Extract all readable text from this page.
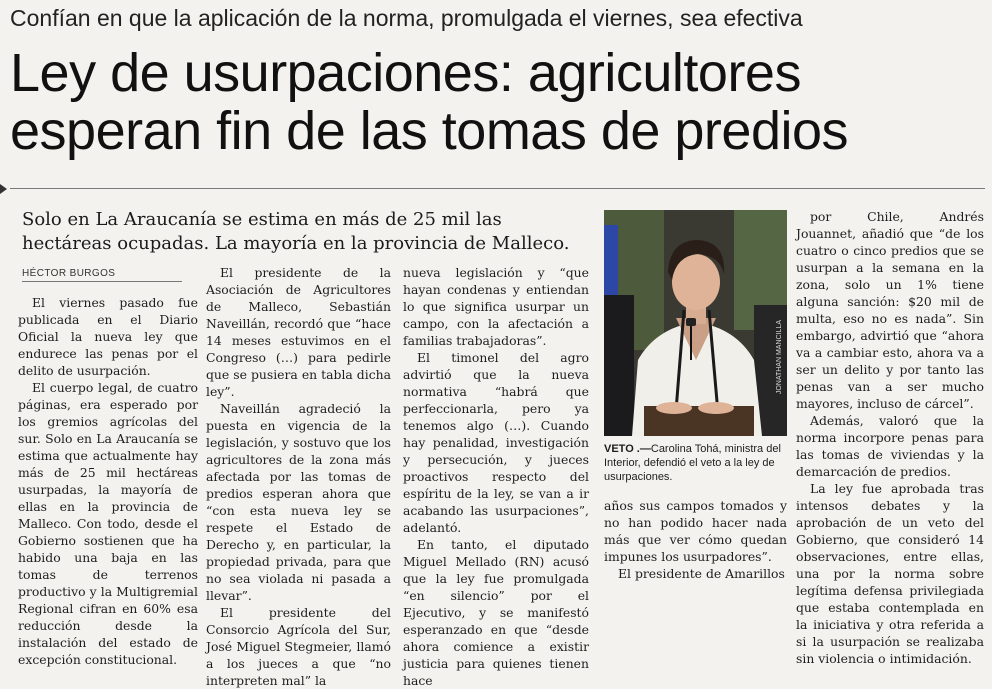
Confían en que la aplicación de la norma, promulgada el viernes, sea efectiva
Ley de usurpaciones: agricultores
esperan fin de las tomas de predios
Solo en La Araucanía se estima en más de 25 mil las hectáreas ocupadas. La mayoría en la provincia de Malleco.
HÉCTOR BURGOS

El viernes pasado fue publicada en el Diario Oficial la nueva ley que endurece las penas por el delito de usurpación.

El cuerpo legal, de cuatro páginas, era esperado por los gremios agrícolas del sur. Solo en La Araucanía se estima que actualmente hay más de 25 mil hectáreas usurpadas, la mayoría de ellas en la provincia de Malleco. Con todo, desde el Gobierno sostienen que ha habido una baja en las tomas de terrenos productivo y la Multigremial Regional cifran en 60% esa reducción desde la instalación del estado de excepción constitucional.

El presidente de la Asociación de Agricultores de Malleco, Sebastián Naveillán, recordó que “hace 14 meses estuvimos en el Congreso (…) para pedirle que se pusiera en tabla dicha ley”.

Naveillán agradeció la puesta en vigencia de la legislación, y sostuvo que los agricultores de la zona más afectada por las tomas de predios esperan ahora que “con esta nueva ley se respete el Estado de Derecho y, en particular, la propiedad privada, para que no sea violada ni pasada a llevar”.

El presidente del Consorcio Agrícola del Sur, José Miguel Stegmeier, llamó a los jueces a que “no interpreten mal” la

nueva legislación y “que hayan condenas y entiendan lo que significa usurpar un campo, con la afectación a familias trabajadoras”.

El timonel del agro advirtió que la nueva normativa “habrá que perfeccionarla, pero ya tenemos algo (…). Cuando hay penalidad, investigación y persecución, y jueces proactivos respecto del espíritu de la ley, se van a ir acabando las usurpaciones”, adelantó.

En tanto, el diputado Miguel Mellado (RN) acusó que la ley fue promulgada “en silencio” por el Ejecutivo, y se manifestó esperanzado en que “desde ahora comience a existir justicia para quienes tienen hace

JONATHAN MANCILLA
VETO .—Carolina Tohá, ministra del Interior, defendió el veto a la ley de usurpaciones.

años sus campos tomados y no han podido hacer nada más que ver cómo quedan impunes los usurpadores”.

El presidente de Amarillos

por Chile, Andrés Jouannet, añadió que “de los cuatro o cinco predios que se usurpan a la semana en la zona, solo un 1% tiene alguna sanción: $20 mil de multa, eso no es nada”. Sin embargo, advirtió que “ahora va a cambiar esto, ahora va a ser un delito y por tanto las penas van a ser mucho mayores, incluso de cárcel”.

Además, valoró que la norma incorpore penas para las tomas de viviendas y la demarcación de predios.

La ley fue aprobada tras intensos debates y la aprobación de un veto del Gobierno, que consideró 14 observaciones, entre ellas, una por la norma sobre legítima defensa privilegiada que estaba contemplada en la iniciativa y otra referida a si la usurpación se realizaba sin violencia o intimidación.
